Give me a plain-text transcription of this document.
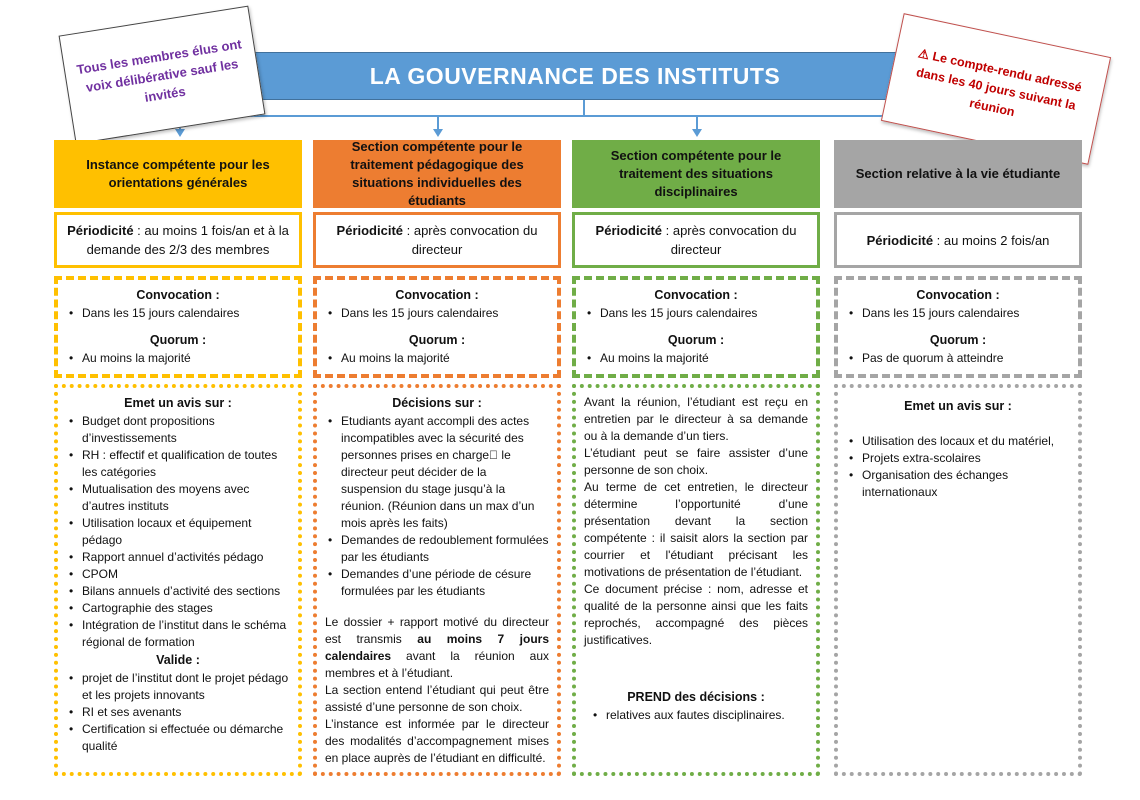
LA GOUVERNANCE DES INSTITUTS
Tous les membres élus ont voix délibérative sauf les invités
⚠ Le compte-rendu adressé dans les 40 jours suivant la réunion
Instance compétente pour les orientations générales
Périodicité : au moins 1 fois/an et à la demande des 2/3 des membres
Convocation :
• Dans les 15 jours calendaires
Quorum :
• Au moins la majorité
Emet un avis sur :
• Budget dont propositions d’investissements
• RH : effectif et qualification de toutes les catégories
• Mutualisation des moyens avec d’autres instituts
• Utilisation locaux et équipement pédago
• Rapport annuel d’activités pédago
• CPOM
• Bilans annuels d’activité des sections
• Cartographie des stages
• Intégration de l’institut dans le schéma régional de formation
Valide :
• projet de l’institut dont le projet pédago et les projets innovants
• RI et ses avenants
• Certification si effectuée ou démarche qualité
Section compétente pour le traitement pédagogique des situations individuelles des étudiants
Périodicité : après convocation du directeur
Convocation :
• Dans les 15 jours calendaires
Quorum :
• Au moins la majorité
Décisions sur :
• Etudiants ayant accompli des actes incompatibles avec la sécurité des personnes prises en charge⃞ le directeur peut décider de la suspension du stage jusqu’à la réunion. (Réunion dans un max d’un mois après les faits)
• Demandes de redoublement formulées par les étudiants
• Demandes d’une période de césure formulées par les étudiants

Le dossier + rapport motivé du directeur est transmis au moins 7 jours calendaires avant la réunion aux membres et à l’étudiant.

La section entend l’étudiant qui peut être assisté d’une personne de son choix.

L’instance est informée par le directeur des modalités d’accompagnement mises en place auprès de l’étudiant en difficulté.

Section compétente pour le traitement des situations disciplinaires
Périodicité : après convocation du directeur
Convocation :
• Dans les 15 jours calendaires
Quorum :
• Au moins la majorité

Avant la réunion, l’étudiant est reçu en entretien par le directeur à sa demande ou à la demande d’un tiers.

L’étudiant peut se faire assister d’une personne de son choix.

Au terme de cet entretien, le directeur détermine l’opportunité d’une présentation devant la section compétente : il saisit alors la section par courrier et l'étudiant précisant les motivations de présentation de l’étudiant.

Ce document précise : nom, adresse et qualité de la personne ainsi que les faits reprochés, accompagné des pièces justificatives.

PREND des décisions :
• relatives aux fautes disciplinaires.
Section relative à la vie étudiante
Périodicité : au moins 2 fois/an
Convocation :
• Dans les 15 jours calendaires
Quorum :
• Pas de quorum à atteindre
Emet un avis sur :
• Utilisation des locaux et du matériel,
• Projets extra-scolaires
• Organisation des échanges internationaux
